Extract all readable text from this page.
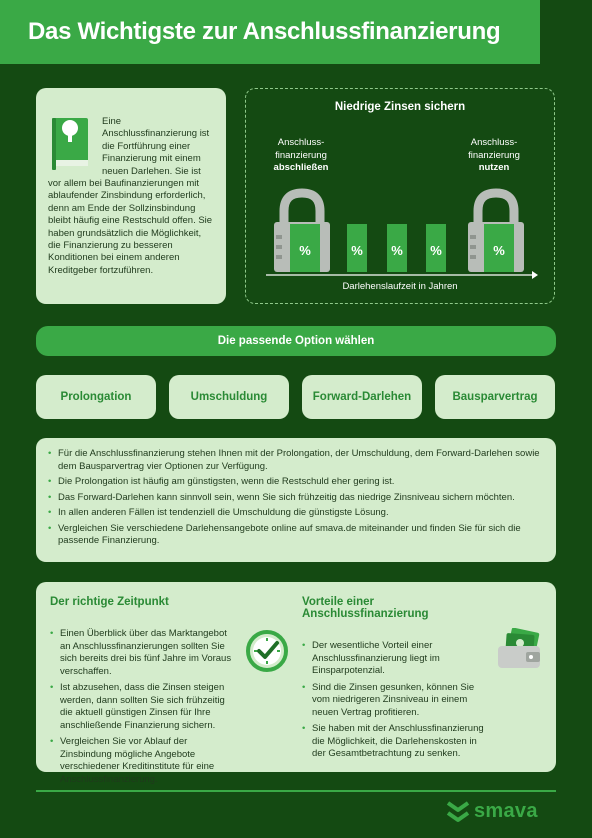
Das Wichtigste zur Anschlussfinanzierung
Eine Anschlussfinanzierung ist die Fortführung einer Finanzierung mit einem neuen Darlehen. Sie ist vor allem bei Baufinanzierungen mit ablaufender Zinsbindung erforderlich, denn am Ende der Sollzinsbindung bleibt häufig eine Restschuld offen. Sie haben grundsätzlich die Möglichkeit, die Finanzierung zu besseren Konditionen bei einem anderen Kreditgeber fortzuführen.
Niedrige Zinsen sichern
Anschluss-
finanzierung
abschließen
Anschluss-
finanzierung
nutzen
%	% % %	%
Darlehenslaufzeit in Jahren
Die passende Option wählen
Prolongation	Umschuldung	Forward-Darlehen	Bausparvertrag
• Für die Anschlussfinanzierung stehen Ihnen mit der Prolongation, der Umschuldung, dem Forward-Darlehen sowie dem Bausparvertrag vier Optionen zur Verfügung.
• Die Prolongation ist häufig am günstigsten, wenn die Restschuld eher gering ist.
• Das Forward-Darlehen kann sinnvoll sein, wenn Sie sich frühzeitig das niedrige Zinsniveau sichern möchten.
• In allen anderen Fällen ist tendenziell die Umschuldung die günstigste Lösung.
• Vergleichen Sie verschiedene Darlehensangebote online auf smava.de miteinander und finden Sie für sich die passende Finanzierung.
Der richtige Zeitpunkt
• Einen Überblick über das Marktangebot an Anschlussfinanzierungen sollten Sie sich bereits drei bis fünf Jahre im Voraus verschaffen.
• Ist abzusehen, dass die Zinsen steigen werden, dann sollten Sie sich frühzeitig die aktuell günstigen Zinsen für Ihre anschließende Finanzierung sichern.
• Vergleichen Sie vor Ablauf der Zinsbindung mögliche Angebote verschiedener Kreditinstitute für eine Anschlussfinanzierung.
Vorteile einer Anschlussfinanzierung
• Der wesentliche Vorteil einer Anschlussfinanzierung liegt im Einsparpotenzial.
• Sind die Zinsen gesunken, können Sie vom niedrigeren Zinsniveau in einem neuen Vertrag profitieren.
• Sie haben mit der Anschlussfinanzierung die Möglichkeit, die Darlehenskosten in der Gesamtbetrachtung zu senken.
smava
